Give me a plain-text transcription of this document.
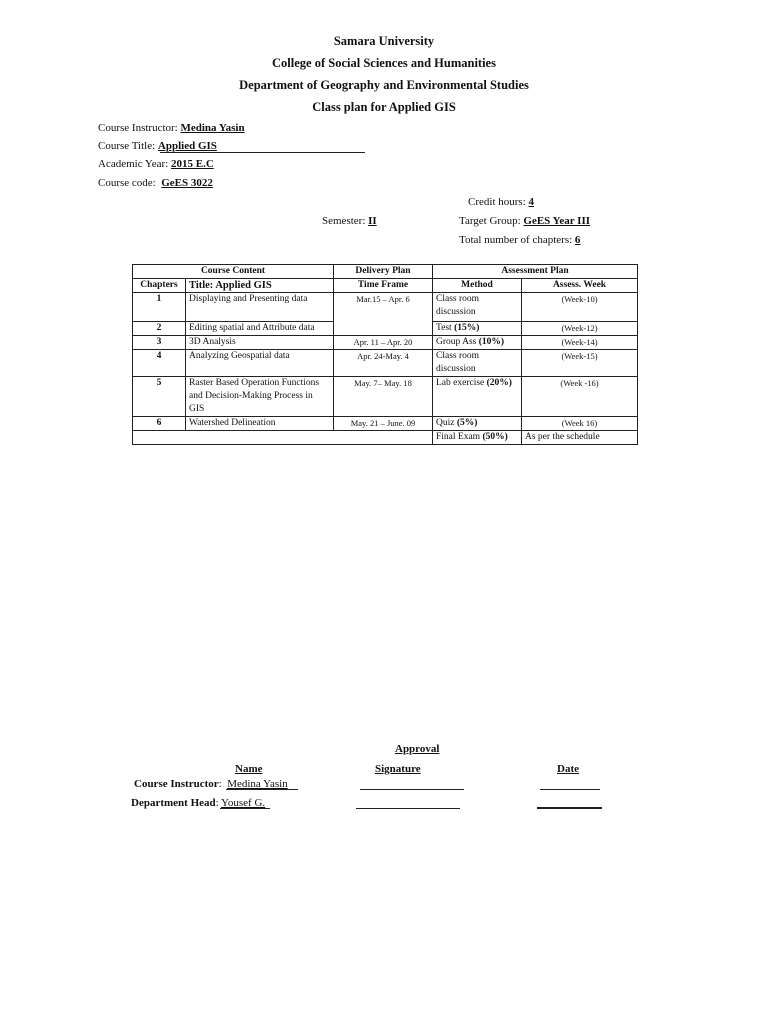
Samara University
College of Social Sciences and Humanities
Department of Geography and Environmental Studies
Class plan for Applied GIS
Course Instructor: Medina Yasin
Course Title: Applied GIS
Academic Year: 2015 E.C
Course code: GeES 3022
Credit hours: 4
Semester: II	Target Group: GeES Year III
Total number of chapters: 6
Course Content		Delivery Plan	Assessment Plan	
Chapters	Title: Applied GIS	Time Frame	Method	Assess. Week
1	Displaying and Presenting data	Mar.15 – Apr. 6	Class room discussion	(Week-10)
2	Editing spatial and Attribute data		Test (15%)	(Week-12)
3	3D Analysis	Apr. 11 – Apr. 20	Group Ass (10%)	(Week-14)
4	Analyzing Geospatial data	Apr. 24-May. 4	Class room discussion	(Week-15)
5	Raster Based Operation Functions and Decision-Making Process in GIS	May. 7– May. 18	Lab exercise (20%)	(Week -16)
6	Watershed Delineation	May. 21 – June. 09	Quiz (5%)	(Week 16)
			Final Exam (50%)	As per the schedule
Approval
Name	Signature	Date
Course Instructor:  Medina Yasin
Department Head: Yousef G.
